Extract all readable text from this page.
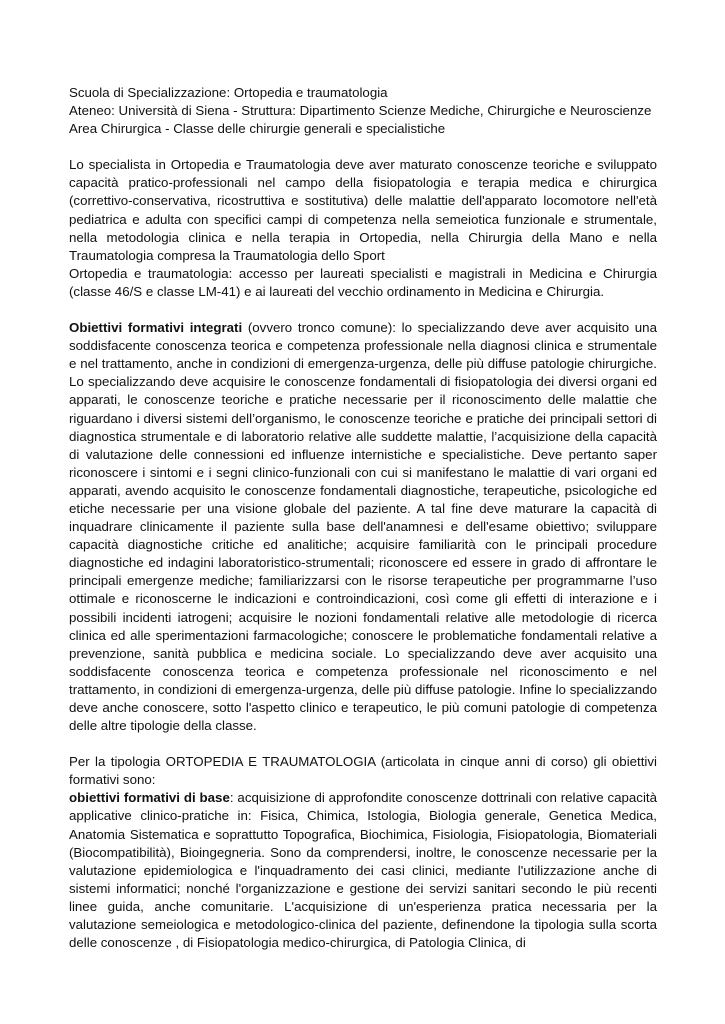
Scuola di Specializzazione: Ortopedia e traumatologia
Ateneo: Università di Siena - Struttura: Dipartimento Scienze Mediche, Chirurgiche e Neuroscienze
Area Chirurgica - Classe delle chirurgie generali e specialistiche

Lo specialista in Ortopedia e Traumatologia deve aver maturato conoscenze teoriche e sviluppato capacità pratico-professionali nel campo della fisiopatologia e terapia medica e chirurgica (correttivo-conservativa, ricostruttiva e sostitutiva) delle malattie dell'apparato locomotore nell'età pediatrica e adulta con specifici campi di competenza nella semeiotica funzionale e strumentale, nella metodologia clinica e nella terapia in Ortopedia, nella Chirurgia della Mano e nella Traumatologia compresa la Traumatologia dello Sport

Ortopedia e traumatologia: accesso per laureati specialisti e magistrali in Medicina e Chirurgia (classe 46/S e classe LM-41) e ai laureati del vecchio ordinamento in Medicina e Chirurgia.

Obiettivi formativi integrati (ovvero tronco comune): lo specializzando deve aver acquisito una soddisfacente conoscenza teorica e competenza professionale nella diagnosi clinica e strumentale e nel trattamento, anche in condizioni di emergenza-urgenza, delle più diffuse patologie chirurgiche. Lo specializzando deve acquisire le conoscenze fondamentali di fisiopatologia dei diversi organi ed apparati, le conoscenze teoriche e pratiche necessarie per il riconoscimento delle malattie che riguardano i diversi sistemi dell’organismo, le conoscenze teoriche e pratiche dei principali settori di diagnostica strumentale e di laboratorio relative alle suddette malattie, l’acquisizione della capacità di valutazione delle connessioni ed influenze internistiche e specialistiche. Deve pertanto saper riconoscere i sintomi e i segni clinico-funzionali con cui si manifestano le malattie di vari organi ed apparati, avendo acquisito le conoscenze fondamentali diagnostiche, terapeutiche, psicologiche ed etiche necessarie per una visione globale del paziente. A tal fine deve maturare la capacità di inquadrare clinicamente il paziente sulla base dell'anamnesi e dell'esame obiettivo; sviluppare capacità diagnostiche critiche ed analitiche; acquisire familiarità con le principali procedure diagnostiche ed indagini laboratoristico-strumentali; riconoscere ed essere in grado di affrontare le principali emergenze mediche; familiarizzarsi con le risorse terapeutiche per programmarne l’uso ottimale e riconoscerne le indicazioni e controindicazioni, così come gli effetti di interazione e i possibili incidenti iatrogeni; acquisire le nozioni fondamentali relative alle metodologie di ricerca clinica ed alle sperimentazioni farmacologiche; conoscere le problematiche fondamentali relative a prevenzione, sanità pubblica e medicina sociale. Lo specializzando deve aver acquisito una soddisfacente conoscenza teorica e competenza professionale nel riconoscimento e nel trattamento, in condizioni di emergenza-urgenza, delle più diffuse patologie. Infine lo specializzando deve anche conoscere, sotto l'aspetto clinico e terapeutico, le più comuni patologie di competenza delle altre tipologie della classe.

Per la tipologia ORTOPEDIA E TRAUMATOLOGIA (articolata in cinque anni di corso) gli obiettivi formativi sono:

obiettivi formativi di base: acquisizione di approfondite conoscenze dottrinali con relative capacità applicative clinico-pratiche in: Fisica, Chimica, Istologia, Biologia generale, Genetica Medica, Anatomia Sistematica e soprattutto Topografica, Biochimica, Fisiologia, Fisiopatologia, Biomateriali (Biocompatibilità), Bioingegneria. Sono da comprendersi, inoltre, le conoscenze necessarie per la valutazione epidemiologica e l'inquadramento dei casi clinici, mediante l'utilizzazione anche di sistemi informatici; nonché l'organizzazione e gestione dei servizi sanitari secondo le più recenti linee guida, anche comunitarie. L'acquisizione di un'esperienza pratica necessaria per la valutazione semeiologica e metodologico-clinica del paziente, definendone la tipologia sulla scorta delle conoscenze , di Fisiopatologia medico-chirurgica, di Patologia Clinica, di
